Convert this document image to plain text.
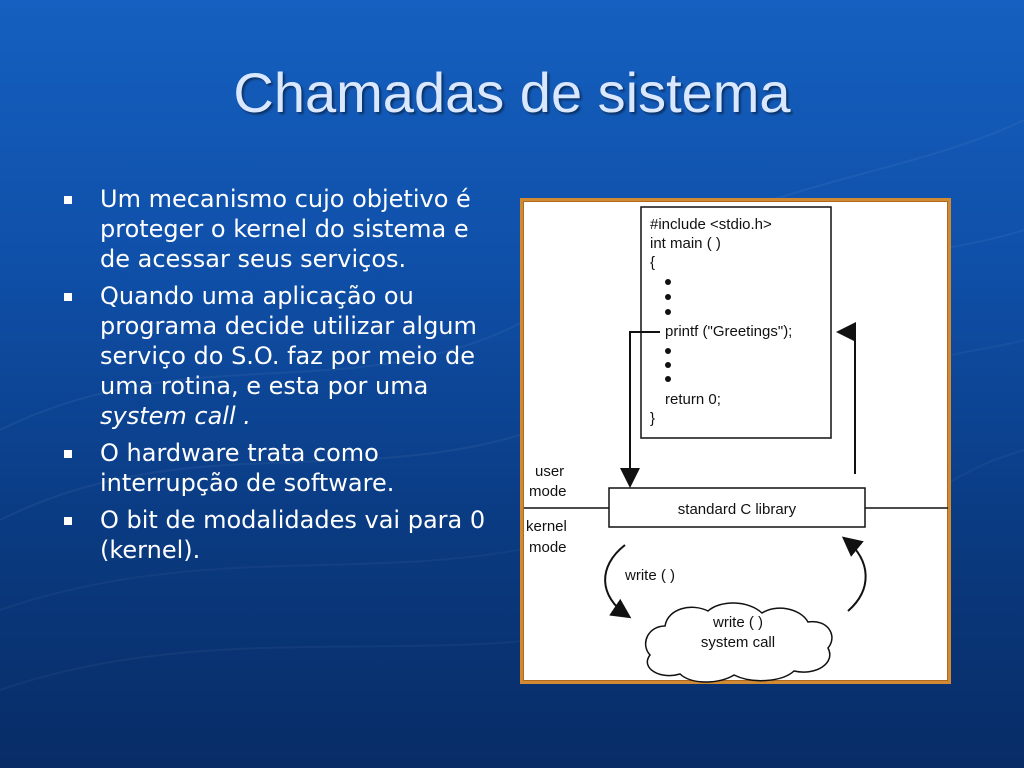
Chamadas de sistema
Um mecanismo cujo objetivo é proteger o kernel do sistema e de acessar seus serviços.
Quando uma aplicação ou programa decide utilizar algum serviço do S.O. faz por meio de uma rotina, e esta por uma system call .
O hardware trata como interrupção de software.
O bit de modalidades vai para 0 (kernel).
#include <stdio.h>
int main ( )
{
printf ("Greetings");
return 0;
}
user
mode
kernel
mode
standard C library
write ( )
write ( )
system call
